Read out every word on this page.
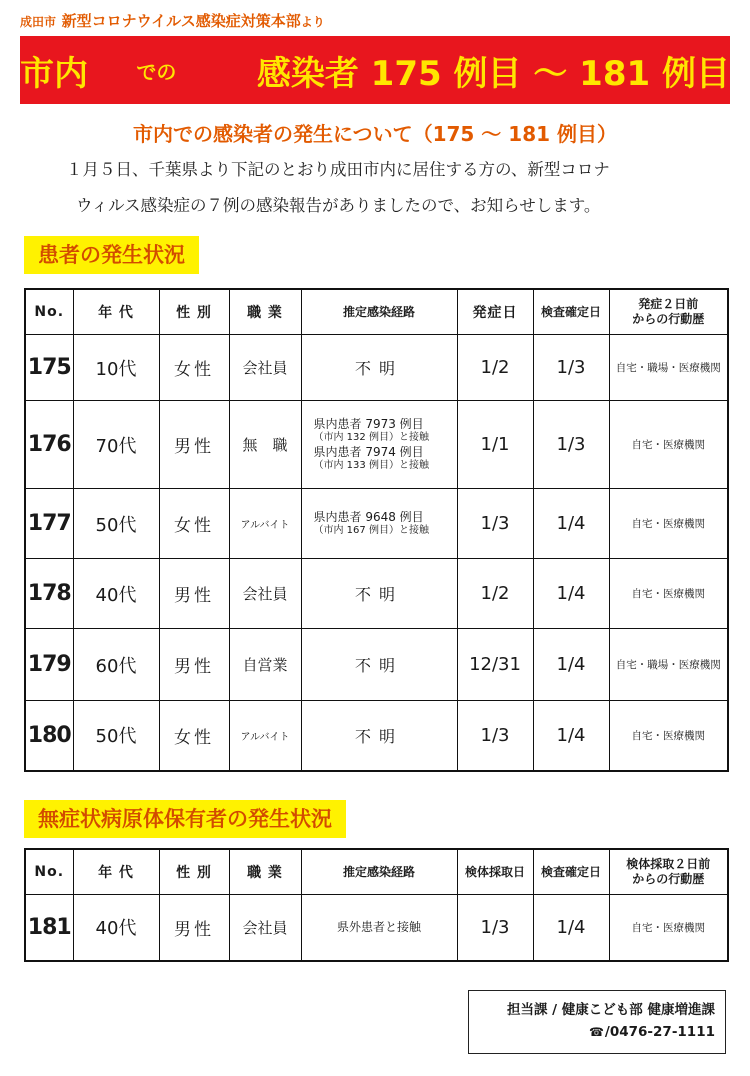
成田市 新型コロナウイルス感染症対策本部より
市内	での	感染者 175 例目 ～ 181 例目
市内での感染者の発生について（175 ～ 181 例目）
１月５日、千葉県より下記のとおり成田市内に居住する方の、新型コロナ
ウィルス感染症の７例の感染報告がありましたので、お知らせします。
患者の発生状況
No.	年 代	性 別	職 業	推定感染経路	発症日	検査確定日	発症２日前
からの行動歴

175	10代	女性	会社員	不明	1/2	1/3	自宅・職場・医療機関
176	70代	男性	無　職	県内患者 7973 例目
（市内 132 例目）と接触
県内患者 7974 例目
（市内 133 例目）と接触	1/1	1/3	自宅・医療機関
177	50代	女性	アルバイト	県内患者 9648 例目
（市内 167 例目）と接触	1/3	1/4	自宅・医療機関
178	40代	男性	会社員	不明	1/2	1/4	自宅・医療機関
179	60代	男性	自営業	不明	12/31	1/4	自宅・職場・医療機関
180	50代	女性	アルバイト	不明	1/3	1/4	自宅・医療機関
無症状病原体保有者の発生状況
No.	年 代	性 別	職 業	推定感染経路	検体採取日	検査確定日	検体採取２日前
からの行動歴

181	40代	男性	会社員	県外患者と接触	1/3	1/4	自宅・医療機関
担当課 / 健康こども部 健康増進課
☎/0476-27-1111
